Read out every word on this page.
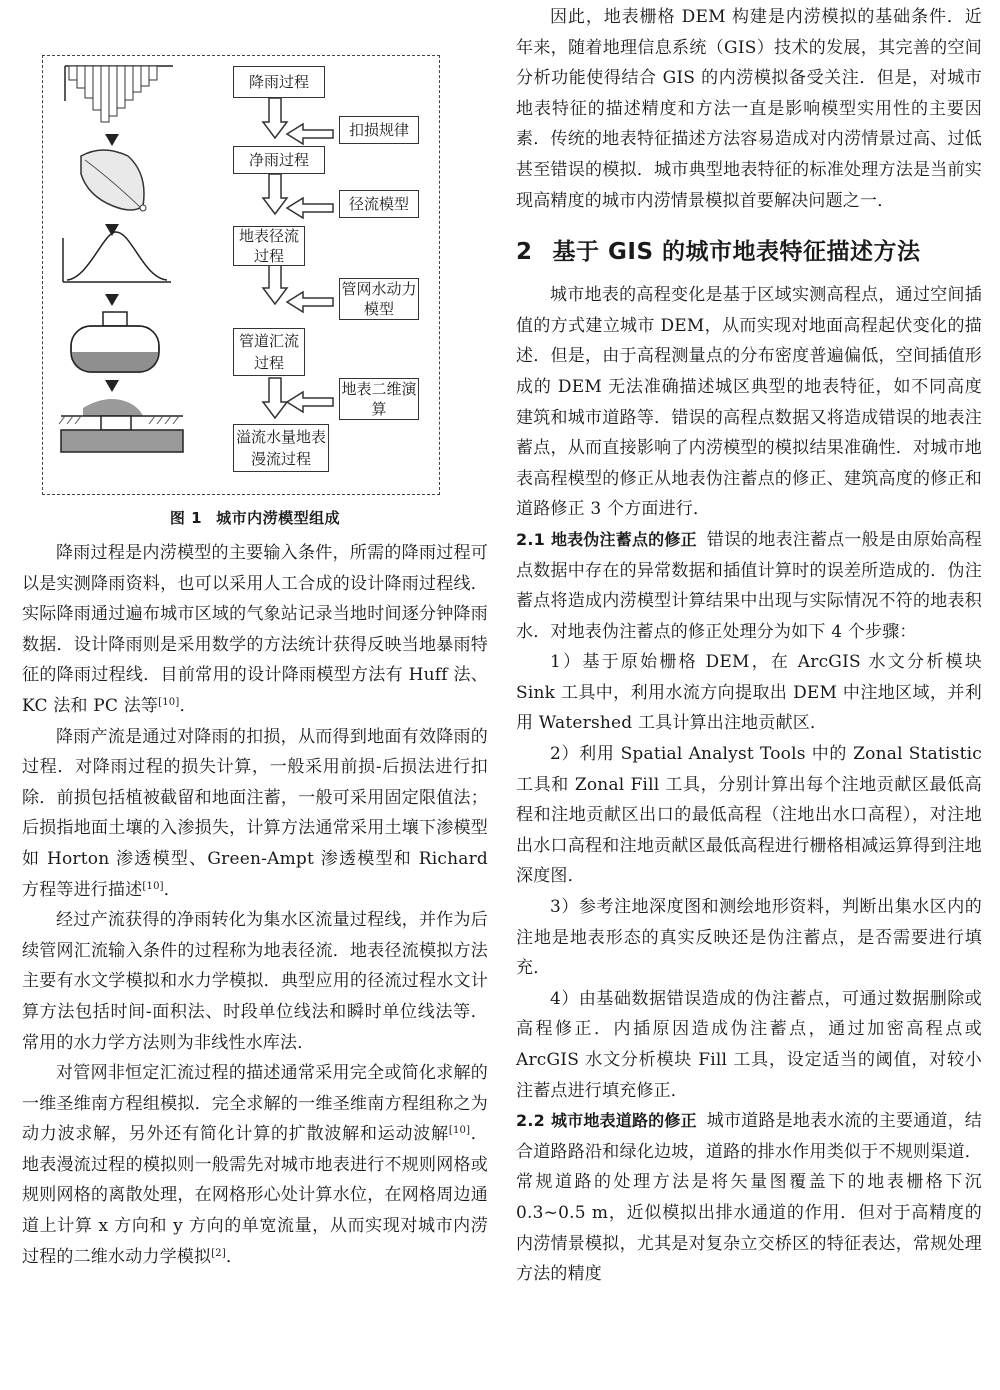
降雨过程
净雨过程
地表径流过程
管道汇流过程
溢流水量地表漫流过程
扣损规律
径流模型
管网水动力模型
地表二维演算
图 1 城市内涝模型组成

降雨过程是内涝模型的主要输入条件，所需的降雨过程可以是实测降雨资料，也可以采用人工合成的设计降雨过程线．实际降雨通过遍布城市区域的气象站记录当地时间逐分钟降雨数据．设计降雨则是采用数学的方法统计获得反映当地暴雨特征的降雨过程线．目前常用的设计降雨模型方法有 Huff 法、KC 法和 PC 法等[10]．

降雨产流是通过对降雨的扣损，从而得到地面有效降雨的过程．对降雨过程的损失计算，一般采用前损-后损法进行扣除．前损包括植被截留和地面注蓄，一般可采用固定限值法；后损指地面土壤的入渗损失，计算方法通常采用土壤下渗模型如 Horton 渗透模型、Green-Ampt 渗透模型和 Richard 方程等进行描述[10]．

经过产流获得的净雨转化为集水区流量过程线，并作为后续管网汇流输入条件的过程称为地表径流．地表径流模拟方法主要有水文学模拟和水力学模拟．典型应用的径流过程水文计算方法包括时间-面积法、时段单位线法和瞬时单位线法等．常用的水力学方法则为非线性水库法．

对管网非恒定汇流过程的描述通常采用完全或简化求解的一维圣维南方程组模拟．完全求解的一维圣维南方程组称之为动力波求解，另外还有简化计算的扩散波解和运动波解[10]．地表漫流过程的模拟则一般需先对城市地表进行不规则网格或规则网格的离散处理，在网格形心处计算水位，在网格周边通道上计算 x 方向和 y 方向的单宽流量，从而实现对城市内涝过程的二维水动力学模拟[2]．

因此，地表栅格 DEM 构建是内涝模拟的基础条件．近年来，随着地理信息系统（GIS）技术的发展，其完善的空间分析功能使得结合 GIS 的内涝模拟备受关注．但是，对城市地表特征的描述精度和方法一直是影响模型实用性的主要因素．传统的地表特征描述方法容易造成对内涝情景过高、过低甚至错误的模拟．城市典型地表特征的标准处理方法是当前实现高精度的城市内涝情景模拟首要解决问题之一．

2 基于 GIS 的城市地表特征描述方法

城市地表的高程变化是基于区域实测高程点，通过空间插值的方式建立城市 DEM，从而实现对地面高程起伏变化的描述．但是，由于高程测量点的分布密度普遍偏低，空间插值形成的 DEM 无法准确描述城区典型的地表特征，如不同高度建筑和城市道路等．错误的高程点数据又将造成错误的地表注蓄点，从而直接影响了内涝模型的模拟结果准确性．对城市地表高程模型的修正从地表伪注蓄点的修正、建筑高度的修正和道路修正 3 个方面进行．

2.1 地表伪注蓄点的修正 错误的地表注蓄点一般是由原始高程点数据中存在的异常数据和插值计算时的误差所造成的．伪注蓄点将造成内涝模型计算结果中出现与实际情况不符的地表积水．对地表伪注蓄点的修正处理分为如下 4 个步骤：

1）基于原始栅格 DEM，在 ArcGIS 水文分析模块 Sink 工具中，利用水流方向提取出 DEM 中注地区域，并利用 Watershed 工具计算出注地贡献区．

2）利用 Spatial Analyst Tools 中的 Zonal Statistic 工具和 Zonal Fill 工具，分别计算出每个注地贡献区最低高程和注地贡献区出口的最低高程（注地出水口高程），对注地出水口高程和注地贡献区最低高程进行栅格相减运算得到注地深度图．

3）参考注地深度图和测绘地形资料，判断出集水区内的注地是地表形态的真实反映还是伪注蓄点，是否需要进行填充．

4）由基础数据错误造成的伪注蓄点，可通过数据删除或高程修正．内插原因造成伪注蓄点，通过加密高程点或 ArcGIS 水文分析模块 Fill 工具，设定适当的阈值，对较小注蓄点进行填充修正．

2.2 城市地表道路的修正 城市道路是地表水流的主要通道，结合道路路沿和绿化边坡，道路的排水作用类似于不规则渠道．常规道路的处理方法是将矢量图覆盖下的地表栅格下沉 0.3~0.5 m，近似模拟出排水通道的作用．但对于高精度的内涝情景模拟，尤其是对复杂立交桥区的特征表达，常规处理方法的精度
